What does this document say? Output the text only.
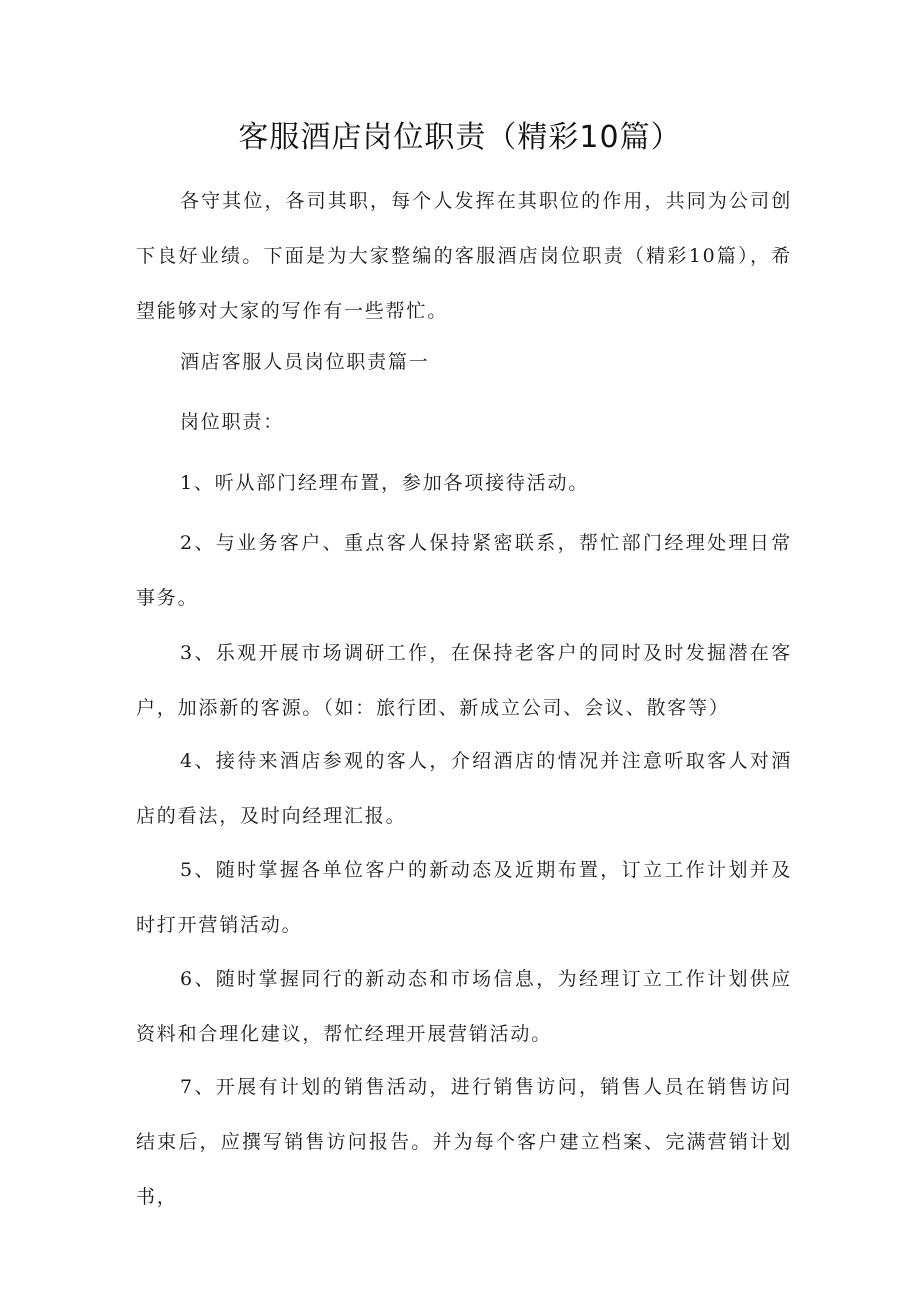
客服酒店岗位职责（精彩10篇）

各守其位，各司其职，每个人发挥在其职位的作用，共同为公司创下良好业绩。下面是为大家整编的客服酒店岗位职责（精彩10篇），希望能够对大家的写作有一些帮忙。

酒店客服人员岗位职责篇一

岗位职责：

1、听从部门经理布置，参加各项接待活动。

2、与业务客户、重点客人保持紧密联系，帮忙部门经理处理日常事务。

3、乐观开展市场调研工作，在保持老客户的同时及时发掘潜在客户，加添新的客源。（如：旅行团、新成立公司、会议、散客等）

4、接待来酒店参观的客人，介绍酒店的情况并注意听取客人对酒店的看法，及时向经理汇报。

5、随时掌握各单位客户的新动态及近期布置，订立工作计划并及时打开营销活动。

6、随时掌握同行的新动态和市场信息，为经理订立工作计划供应资料和合理化建议，帮忙经理开展营销活动。

7、开展有计划的销售活动，进行销售访问，销售人员在销售访问结束后，应撰写销售访问报告。并为每个客户建立档案、完满营销计划书，
